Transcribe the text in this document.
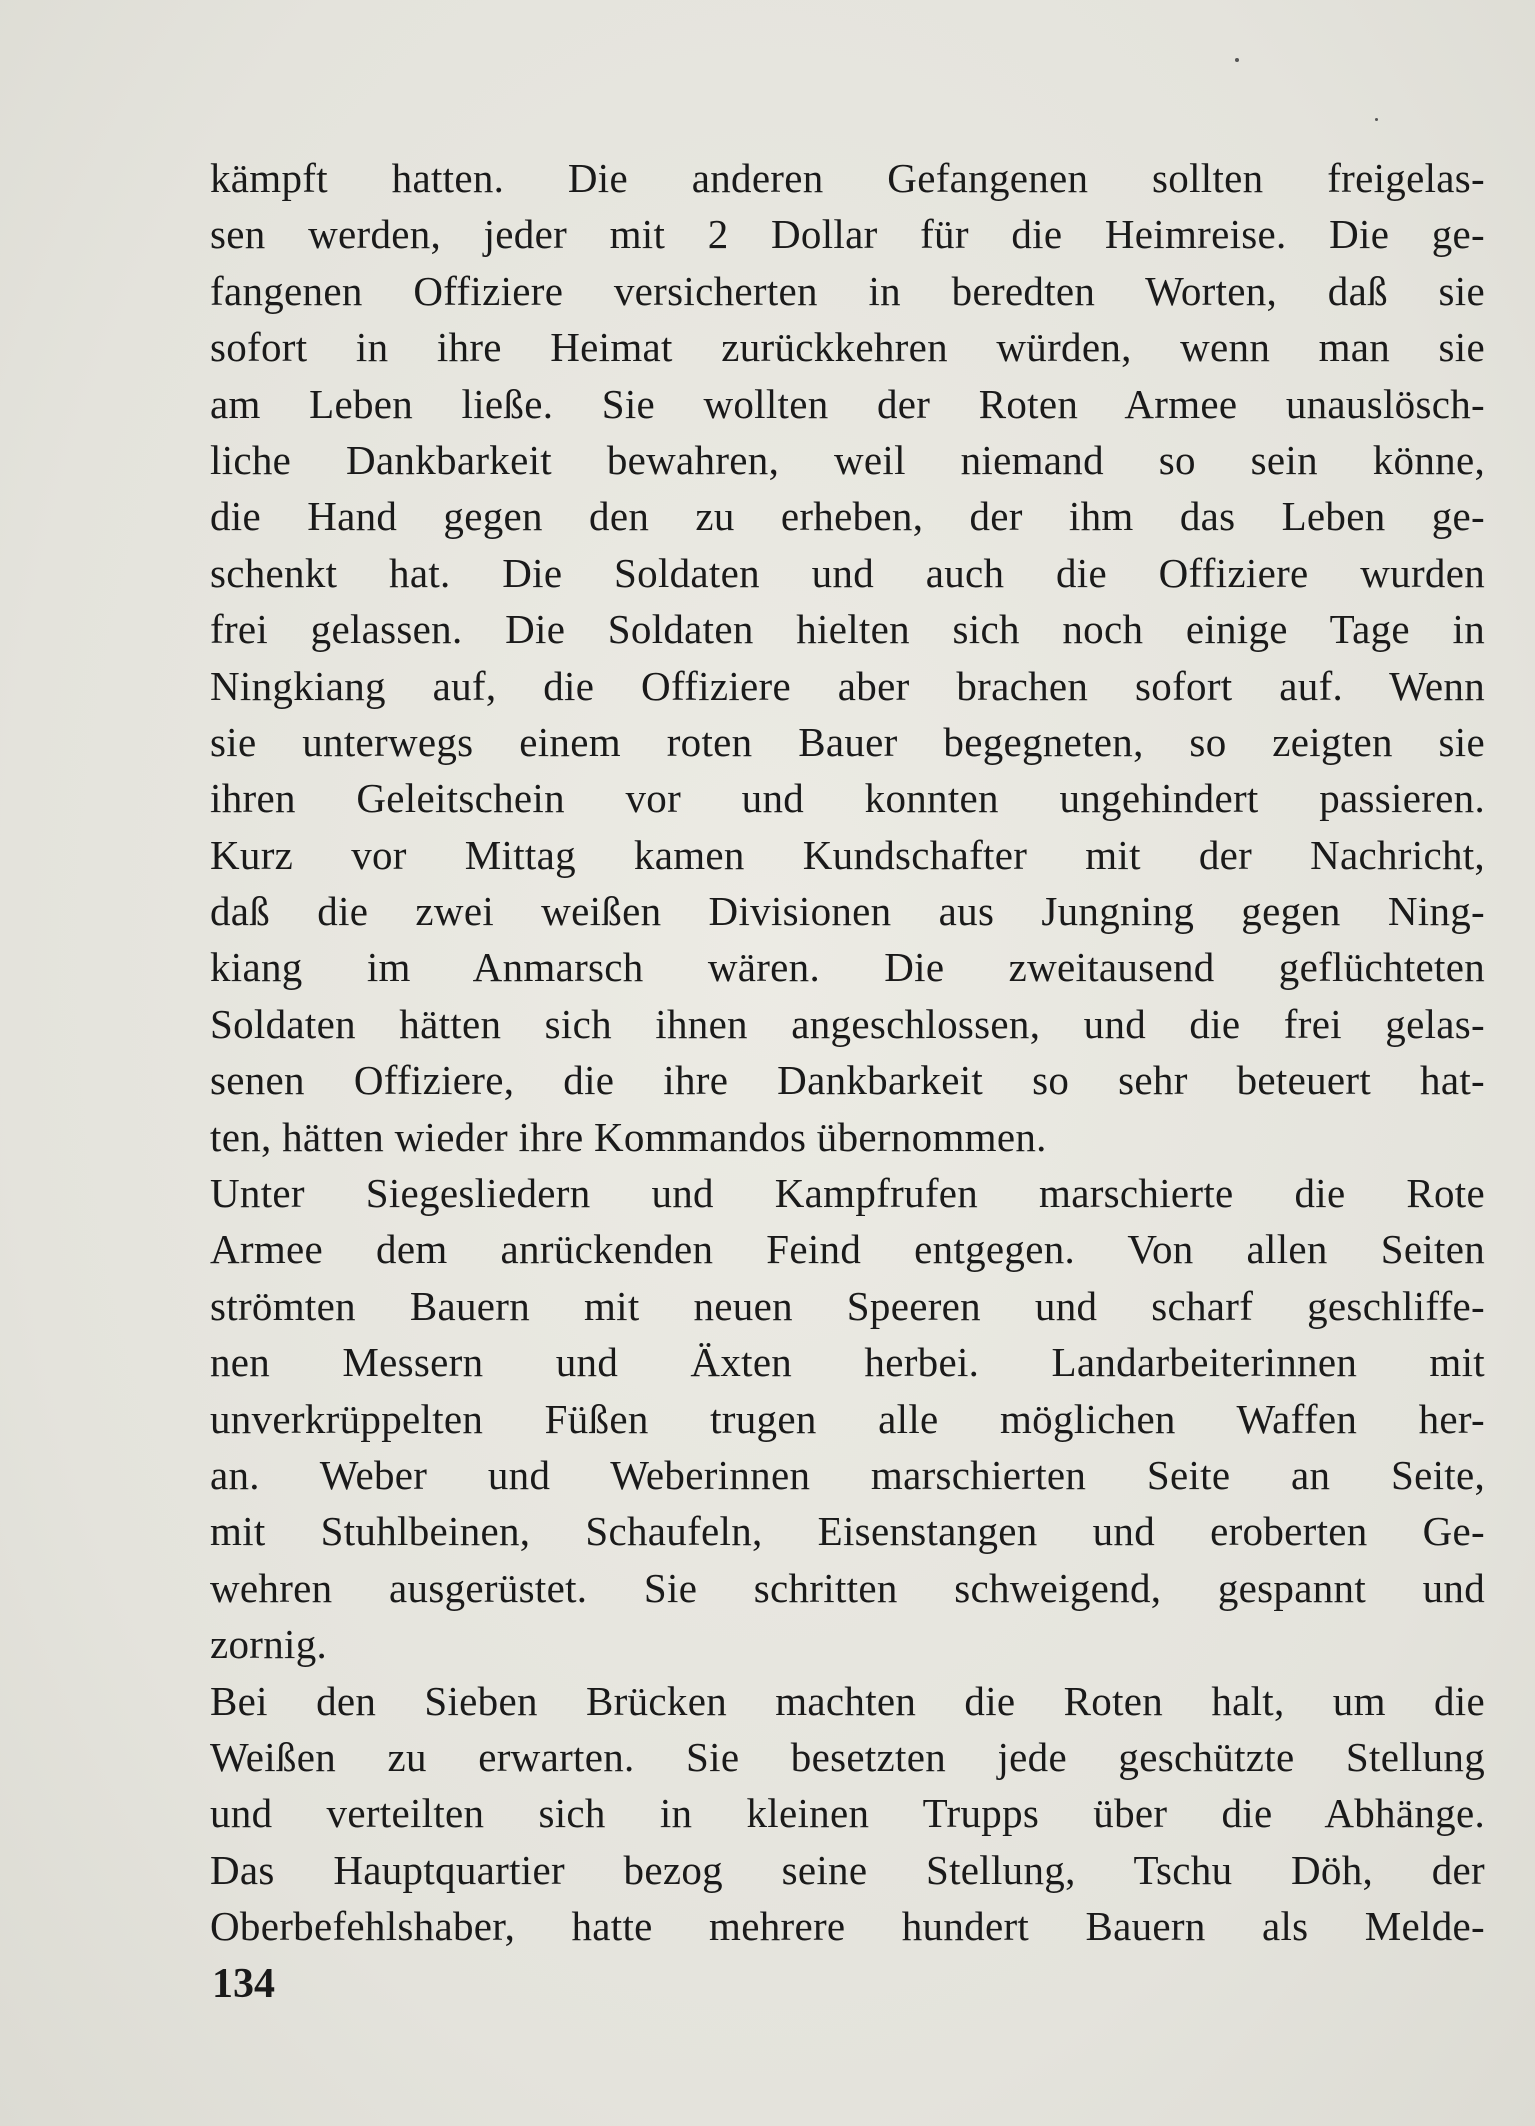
kämpft hatten. Die anderen Gefangenen sollten freigelas-
sen werden, jeder mit 2 Dollar für die Heimreise. Die ge-
fangenen Offiziere versicherten in beredten Worten, daß sie
sofort in ihre Heimat zurückkehren würden, wenn man sie
am Leben ließe. Sie wollten der Roten Armee unauslösch-
liche Dankbarkeit bewahren, weil niemand so sein könne,
die Hand gegen den zu erheben, der ihm das Leben ge-
schenkt hat. Die Soldaten und auch die Offiziere wurden
frei gelassen. Die Soldaten hielten sich noch einige Tage in
Ningkiang auf, die Offiziere aber brachen sofort auf. Wenn
sie unterwegs einem roten Bauer begegneten, so zeigten sie
ihren Geleitschein vor und konnten ungehindert passieren.
Kurz vor Mittag kamen Kundschafter mit der Nachricht,
daß die zwei weißen Divisionen aus Jungning gegen Ning-
kiang im Anmarsch wären. Die zweitausend geflüchteten
Soldaten hätten sich ihnen angeschlossen, und die frei gelas-
senen Offiziere, die ihre Dankbarkeit so sehr beteuert hat-
ten, hätten wieder ihre Kommandos übernommen.
Unter Siegesliedern und Kampfrufen marschierte die Rote
Armee dem anrückenden Feind entgegen. Von allen Seiten
strömten Bauern mit neuen Speeren und scharf geschliffe-
nen Messern und Äxten herbei. Landarbeiterinnen mit
unverkrüppelten Füßen trugen alle möglichen Waffen her-
an. Weber und Weberinnen marschierten Seite an Seite,
mit Stuhlbeinen, Schaufeln, Eisenstangen und eroberten Ge-
wehren ausgerüstet. Sie schritten schweigend, gespannt und
zornig.
Bei den Sieben Brücken machten die Roten halt, um die
Weißen zu erwarten. Sie besetzten jede geschützte Stellung
und verteilten sich in kleinen Trupps über die Abhänge.
Das Hauptquartier bezog seine Stellung, Tschu Döh, der
Oberbefehlshaber, hatte mehrere hundert Bauern als Melde-
134
